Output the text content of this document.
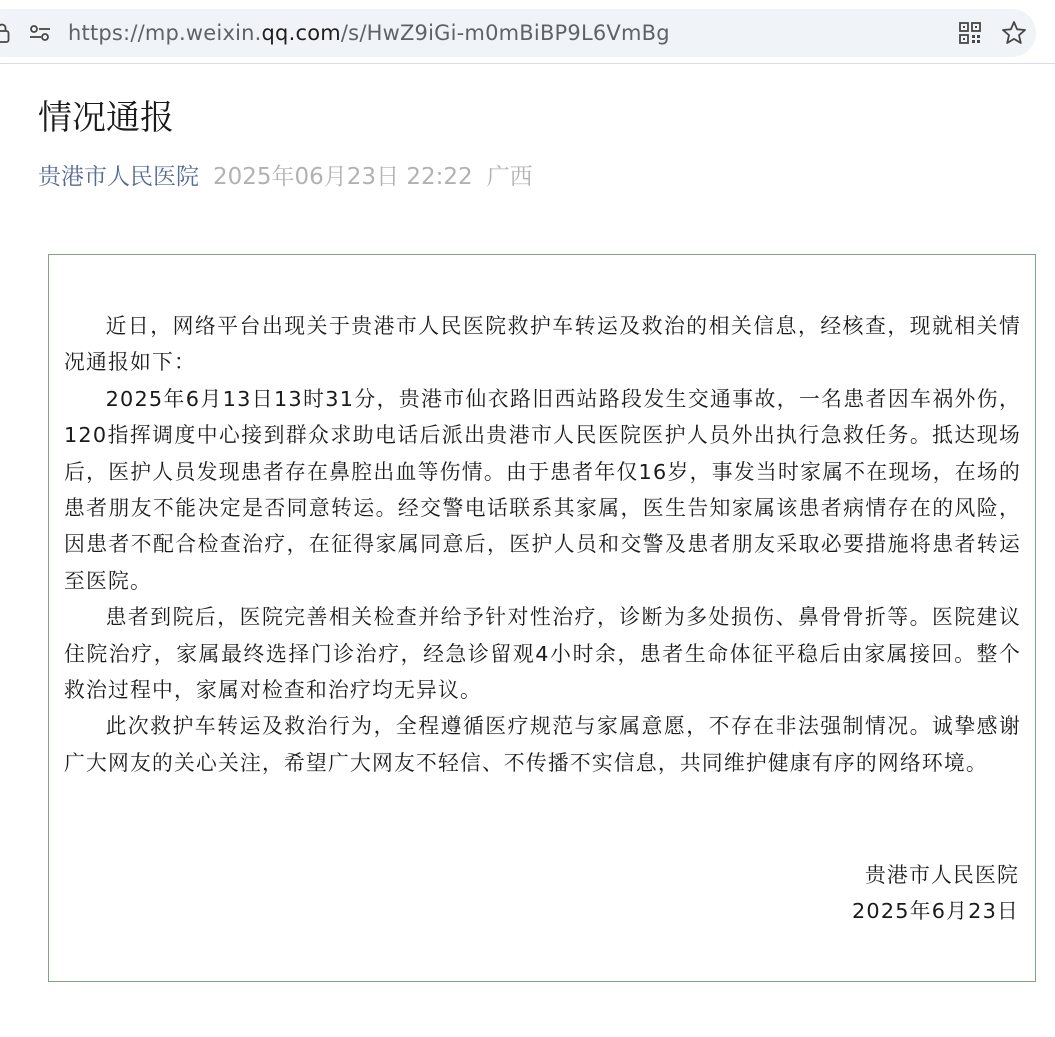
https://mp.weixin.qq.com/s/HwZ9iGi-m0mBiBP9L6VmBg
情况通报
贵港市人民医院 2025年06月23日 22:22 广西

近日，网络平台出现关于贵港市人民医院救护车转运及救治的相关信息，经核查，现就相关情况通报如下：

2025年6月13日13时31分，贵港市仙衣路旧西站路段发生交通事故，一名患者因车祸外伤，120指挥调度中心接到群众求助电话后派出贵港市人民医院医护人员外出执行急救任务。抵达现场后，医护人员发现患者存在鼻腔出血等伤情。由于患者年仅16岁，事发当时家属不在现场，在场的患者朋友不能决定是否同意转运。经交警电话联系其家属，医生告知家属该患者病情存在的风险，因患者不配合检查治疗，在征得家属同意后，医护人员和交警及患者朋友采取必要措施将患者转运至医院。

患者到院后，医院完善相关检查并给予针对性治疗，诊断为多处损伤、鼻骨骨折等。医院建议住院治疗，家属最终选择门诊治疗，经急诊留观4小时余，患者生命体征平稳后由家属接回。整个救治过程中，家属对检查和治疗均无异议。

此次救护车转运及救治行为，全程遵循医疗规范与家属意愿，不存在非法强制情况。诚挚感谢广大网友的关心关注，希望广大网友不轻信、不传播不实信息，共同维护健康有序的网络环境。

贵港市人民医院
2025年6月23日
